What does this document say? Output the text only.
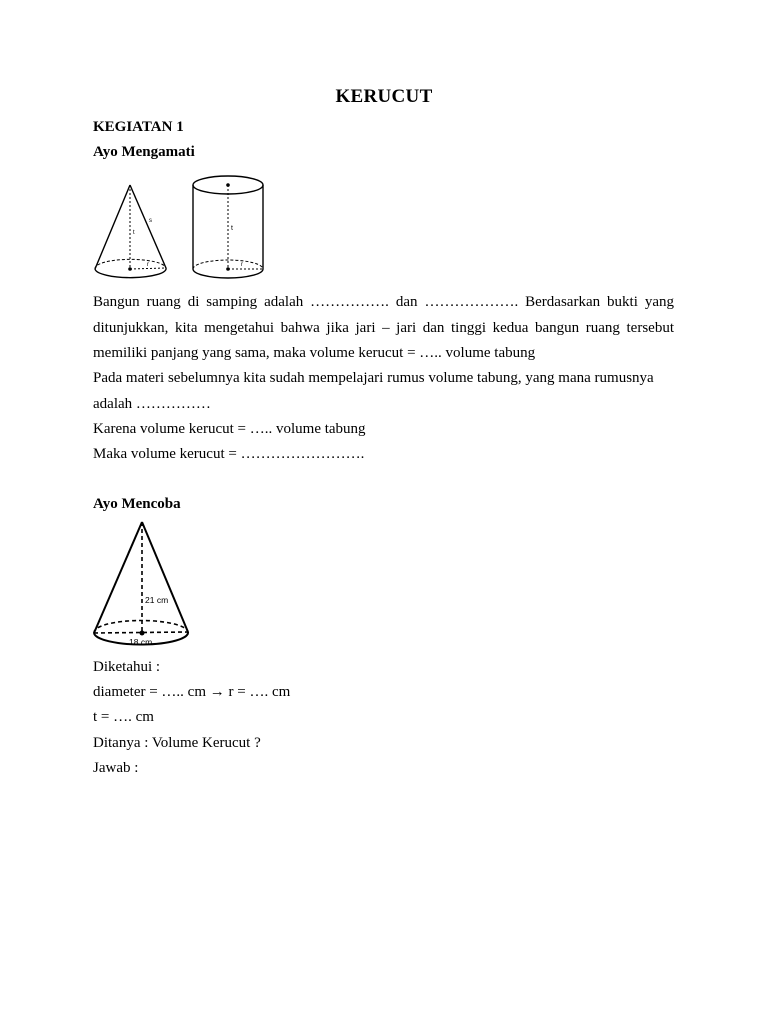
KERUCUT
KEGIATAN 1
Ayo Mengamati
s
t
r
t
r
Bangun ruang di samping adalah ……………. dan ………………. Berdasarkan bukti yang
ditunjukkan, kita mengetahui bahwa jika jari – jari dan tinggi kedua bangun ruang tersebut
memiliki panjang yang sama, maka volume kerucut = ….. volume tabung
Pada materi sebelumnya kita sudah mempelajari rumus volume tabung, yang mana rumusnya
adalah ……………
Karena volume kerucut = ….. volume tabung
Maka volume kerucut = …………………….
Ayo Mencoba
21 cm
18 cm
Diketahui :
diameter = ….. cm → r = …. cm
t = …. cm
Ditanya : Volume Kerucut ?
Jawab :
